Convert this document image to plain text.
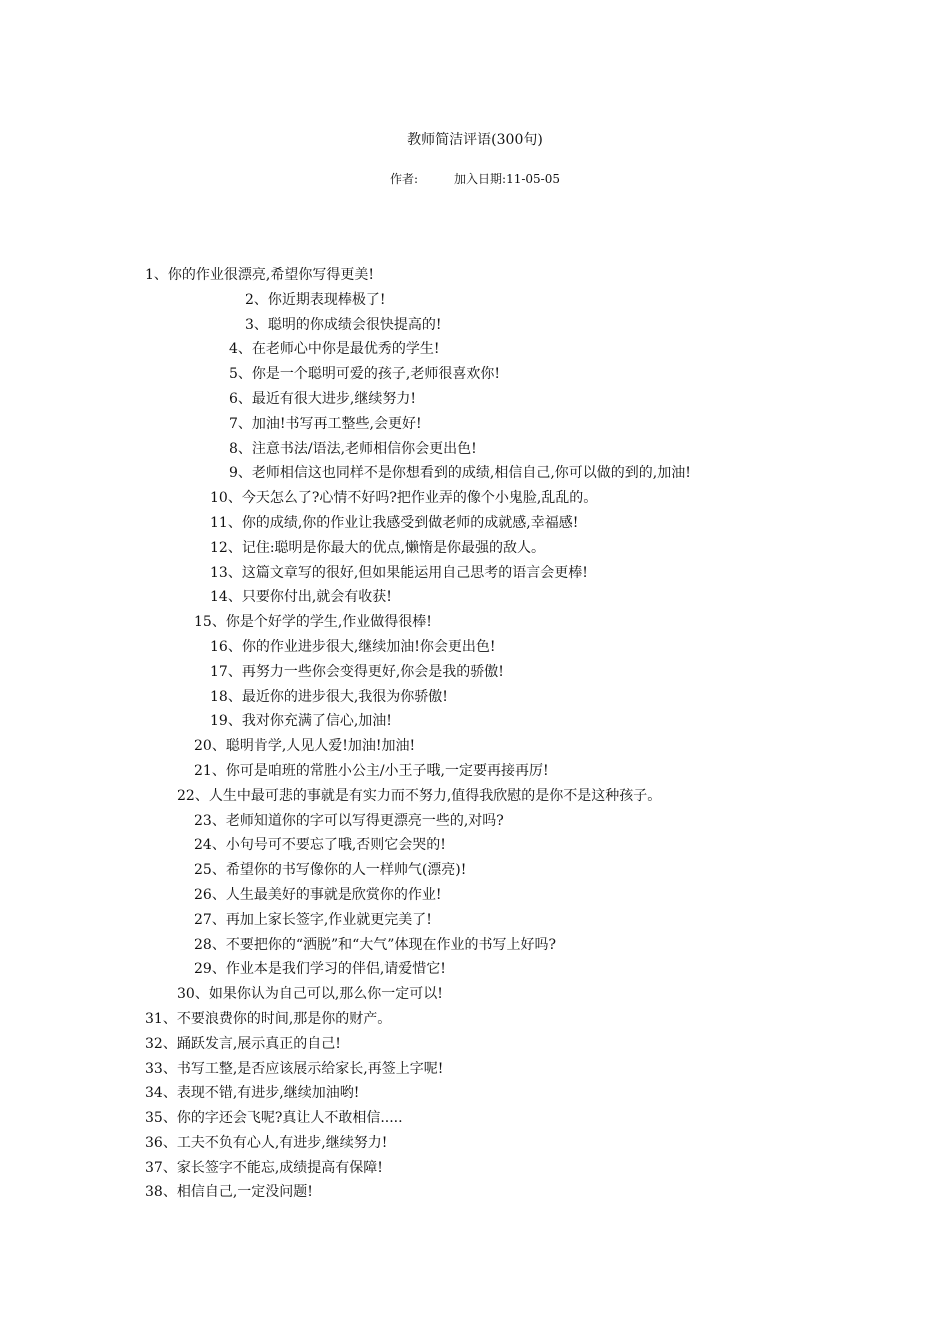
教师简洁评语(300句)
作者:	加入日期:11-05-05
1、你的作业很漂亮,希望你写得更美!
2、你近期表现棒极了!
3、聪明的你成绩会很快提高的!
4、在老师心中你是最优秀的学生!
5、你是一个聪明可爱的孩子,老师很喜欢你!
6、最近有很大进步,继续努力!
7、加油!书写再工整些,会更好!
8、注意书法/语法,老师相信你会更出色!
9、老师相信这也同样不是你想看到的成绩,相信自己,你可以做的到的,加油!
10、今天怎么了?心情不好吗?把作业弄的像个小鬼脸,乱乱的。
11、你的成绩,你的作业让我感受到做老师的成就感,幸福感!
12、记住:聪明是你最大的优点,懒惰是你最强的敌人。
13、这篇文章写的很好,但如果能运用自己思考的语言会更棒!
14、只要你付出,就会有收获!
15、你是个好学的学生,作业做得很棒!
16、你的作业进步很大,继续加油!你会更出色!
17、再努力一些你会变得更好,你会是我的骄傲!
18、最近你的进步很大,我很为你骄傲!
19、我对你充满了信心,加油!
20、聪明肯学,人见人爱!加油!加油!
21、你可是咱班的常胜小公主/小王子哦,一定要再接再厉!
22、人生中最可悲的事就是有实力而不努力,值得我欣慰的是你不是这种孩子。
23、老师知道你的字可以写得更漂亮一些的,对吗?
24、小句号可不要忘了哦,否则它会哭的!
25、希望你的书写像你的人一样帅气(漂亮)!
26、人生最美好的事就是欣赏你的作业!
27、再加上家长签字,作业就更完美了!
28、不要把你的“洒脱”和“大气”体现在作业的书写上好吗?
29、作业本是我们学习的伴侣,请爱惜它!
30、如果你认为自己可以,那么你一定可以!
31、不要浪费你的时间,那是你的财产。
32、踊跃发言,展示真正的自己!
33、书写工整,是否应该展示给家长,再签上字呢!
34、表现不错,有进步,继续加油哟!
35、你的字还会飞呢?真让人不敢相信.....
36、工夫不负有心人,有进步,继续努力!
37、家长签字不能忘,成绩提高有保障!
38、相信自己,一定没问题!
